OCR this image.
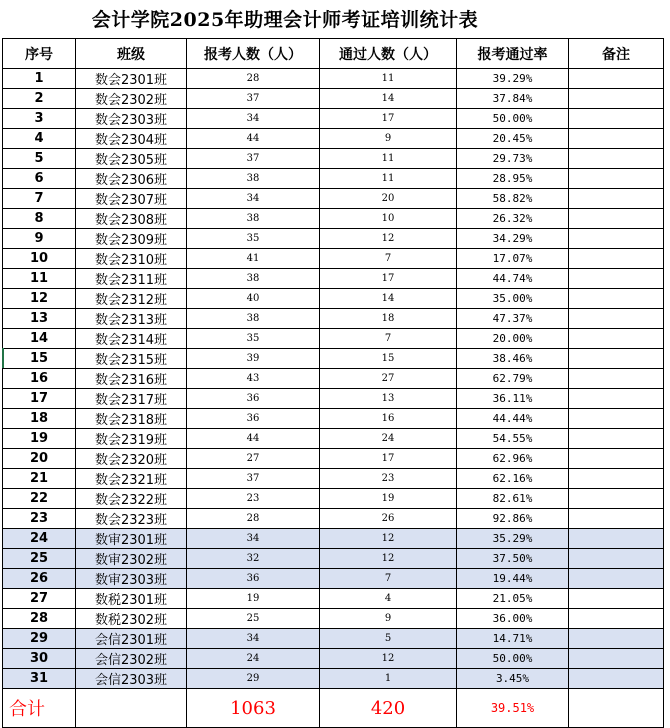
会计学院2025年助理会计师考证培训统计表
序号	班级	报考人数（人）	通过人数（人）	报考通过率	备注
1	数会2301班	28	11	39.29%	
2	数会2302班	37	14	37.84%	
3	数会2303班	34	17	50.00%	
4	数会2304班	44	9	20.45%	
5	数会2305班	37	11	29.73%	
6	数会2306班	38	11	28.95%	
7	数会2307班	34	20	58.82%	
8	数会2308班	38	10	26.32%	
9	数会2309班	35	12	34.29%	
10	数会2310班	41	7	17.07%	
11	数会2311班	38	17	44.74%	
12	数会2312班	40	14	35.00%	
13	数会2313班	38	18	47.37%	
14	数会2314班	35	7	20.00%	
15	数会2315班	39	15	38.46%	
16	数会2316班	43	27	62.79%	
17	数会2317班	36	13	36.11%	
18	数会2318班	36	16	44.44%	
19	数会2319班	44	24	54.55%	
20	数会2320班	27	17	62.96%	
21	数会2321班	37	23	62.16%	
22	数会2322班	23	19	82.61%	
23	数会2323班	28	26	92.86%	
24	数审2301班	34	12	35.29%	
25	数审2302班	32	12	37.50%	
26	数审2303班	36	7	19.44%	
27	数税2301班	19	4	21.05%	
28	数税2302班	25	9	36.00%	
29	会信2301班	34	5	14.71%	
30	会信2302班	24	12	50.00%	
31	会信2303班	29	1	3.45%	
合计		1063	420	39.51%	
